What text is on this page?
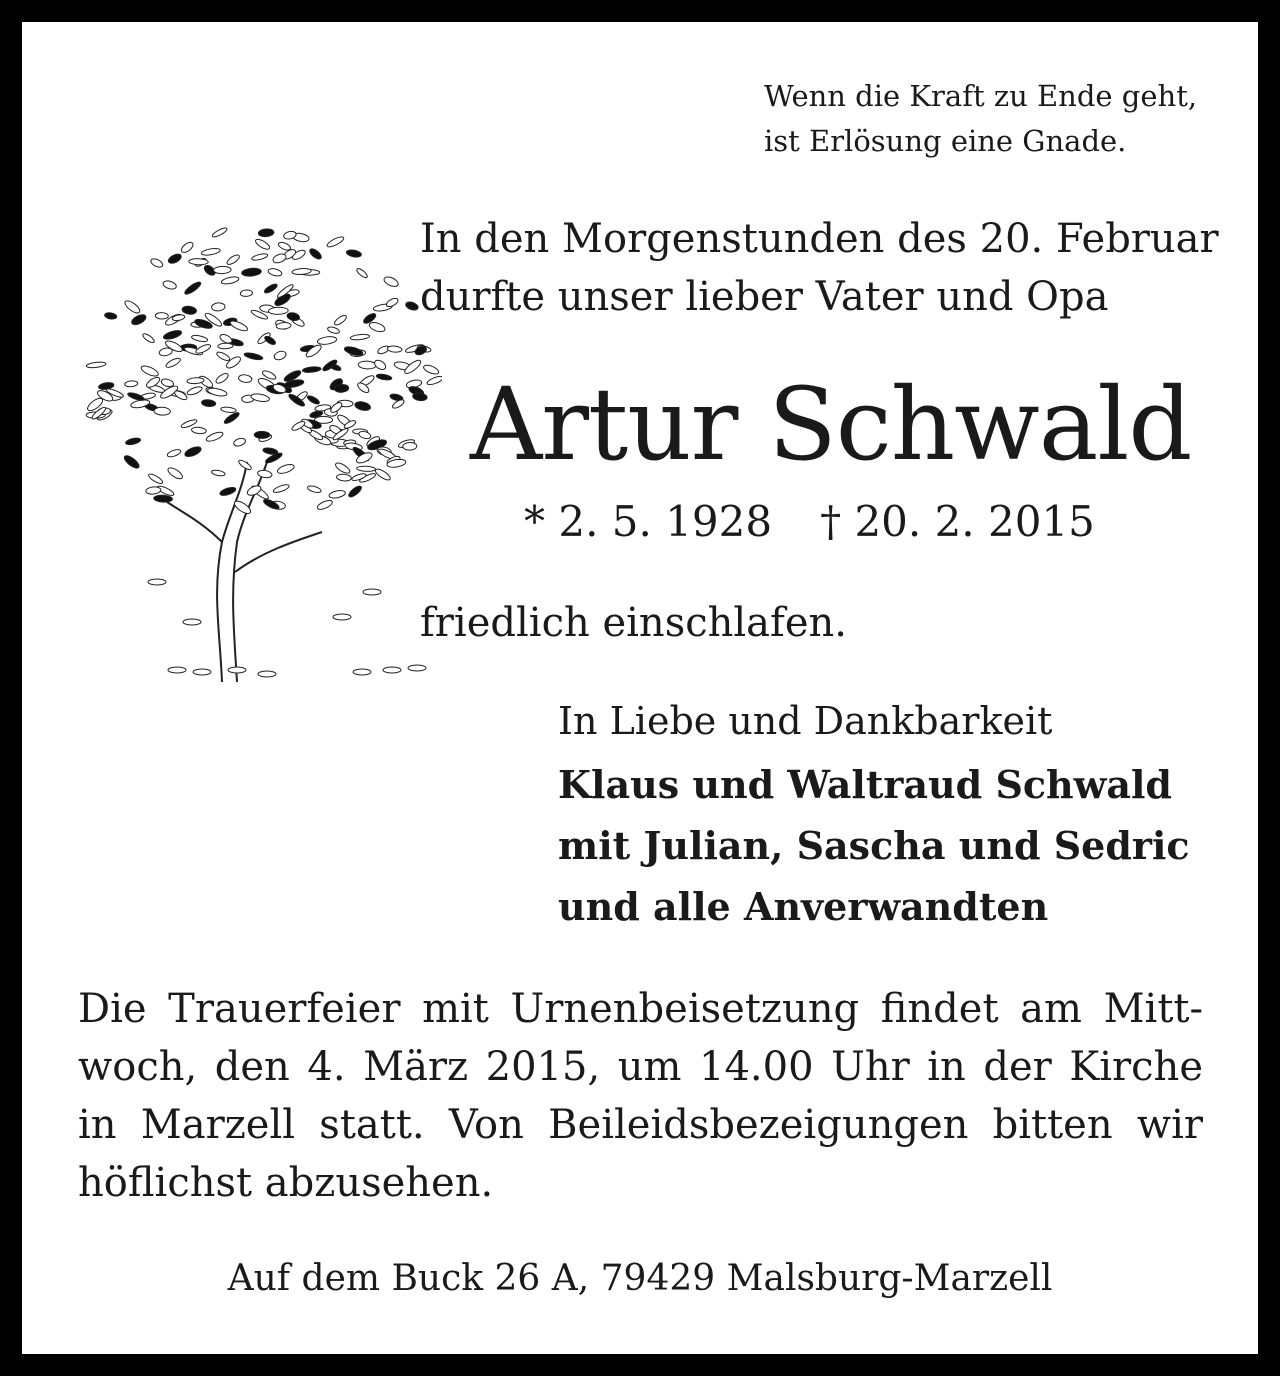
Wenn die Kraft zu Ende geht,
ist Erlösung eine Gnade.
In den Morgenstunden des 20. Februar
durfte unser lieber Vater und Opa
Artur Schwald
* 2. 5. 1928 † 20. 2. 2015
friedlich einschlafen.
In Liebe und Dankbarkeit
Klaus und Waltraud Schwald
mit Julian, Sascha und Sedric
und alle Anverwandten

Die Trauerfeier mit Urnenbeisetzung findet am Mittwoch, den 4. März 2015, um 14.00 Uhr in der Kirche in Marzell statt. Von Beileidsbezeigungen bitten wir höflichst abzusehen.

Auf dem Buck 26 A, 79429 Malsburg-Marzell
